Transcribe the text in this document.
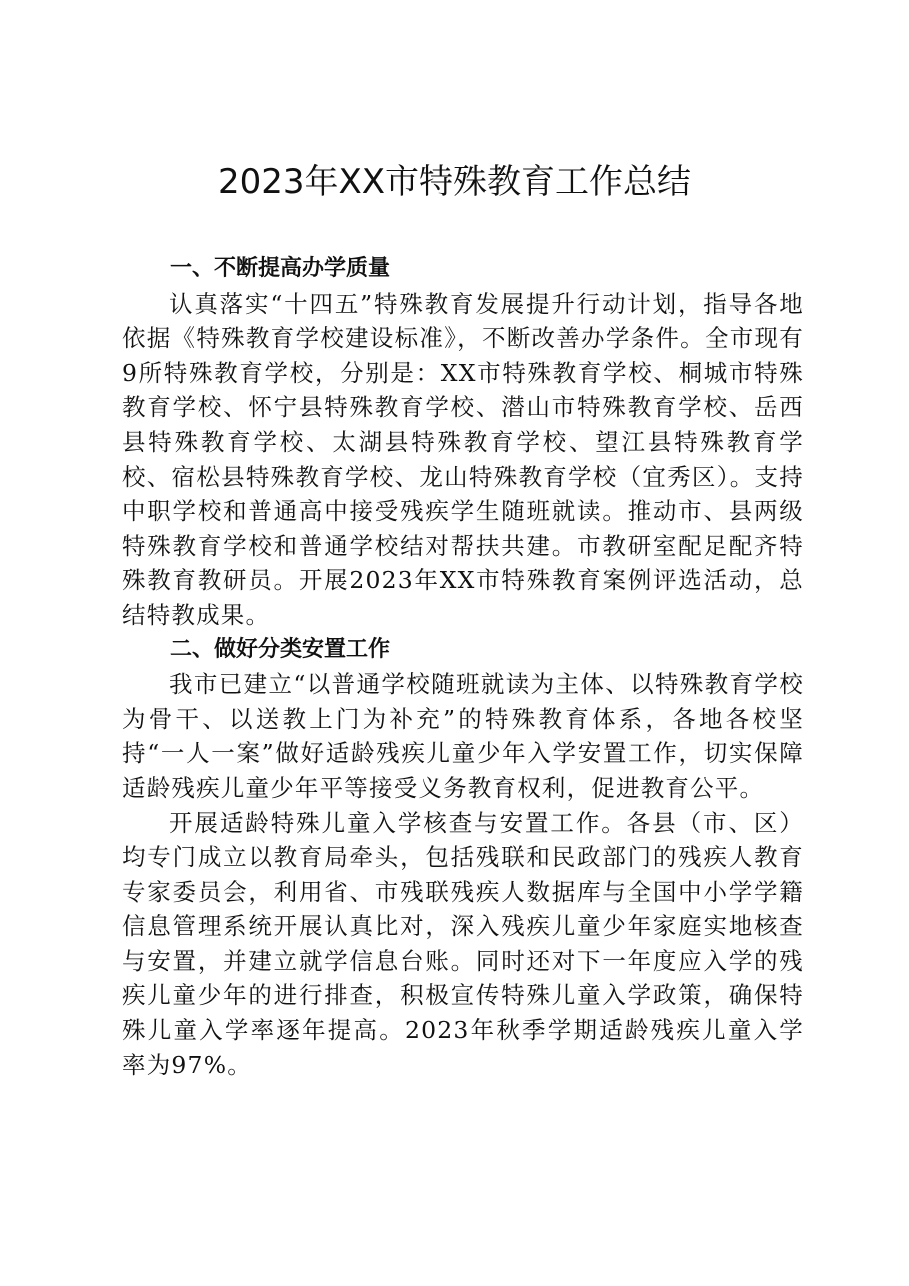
2023年XX市特殊教育工作总结

一、不断提高办学质量

认真落实“十四五”特殊教育发展提升行动计划，指导各地依据《特殊教育学校建设标准》，不断改善办学条件。全市现有9所特殊教育学校，分别是：XX市特殊教育学校、桐城市特殊教育学校、怀宁县特殊教育学校、潜山市特殊教育学校、岳西县特殊教育学校、太湖县特殊教育学校、望江县特殊教育学校、宿松县特殊教育学校、龙山特殊教育学校（宜秀区）。支持中职学校和普通高中接受残疾学生随班就读。推动市、县两级特殊教育学校和普通学校结对帮扶共建。市教研室配足配齐特殊教育教研员。开展2023年XX市特殊教育案例评选活动，总结特教成果。

二、做好分类安置工作

我市已建立“以普通学校随班就读为主体、以特殊教育学校为骨干、以送教上门为补充”的特殊教育体系，各地各校坚持“一人一案”做好适龄残疾儿童少年入学安置工作，切实保障适龄残疾儿童少年平等接受义务教育权利，促进教育公平。

开展适龄特殊儿童入学核查与安置工作。各县（市、区）均专门成立以教育局牵头，包括残联和民政部门的残疾人教育专家委员会，利用省、市残联残疾人数据库与全国中小学学籍信息管理系统开展认真比对，深入残疾儿童少年家庭实地核查与安置，并建立就学信息台账。同时还对下一年度应入学的残疾儿童少年的进行排查，积极宣传特殊儿童入学政策，确保特殊儿童入学率逐年提高。2023年秋季学期适龄残疾儿童入学率为97%。
